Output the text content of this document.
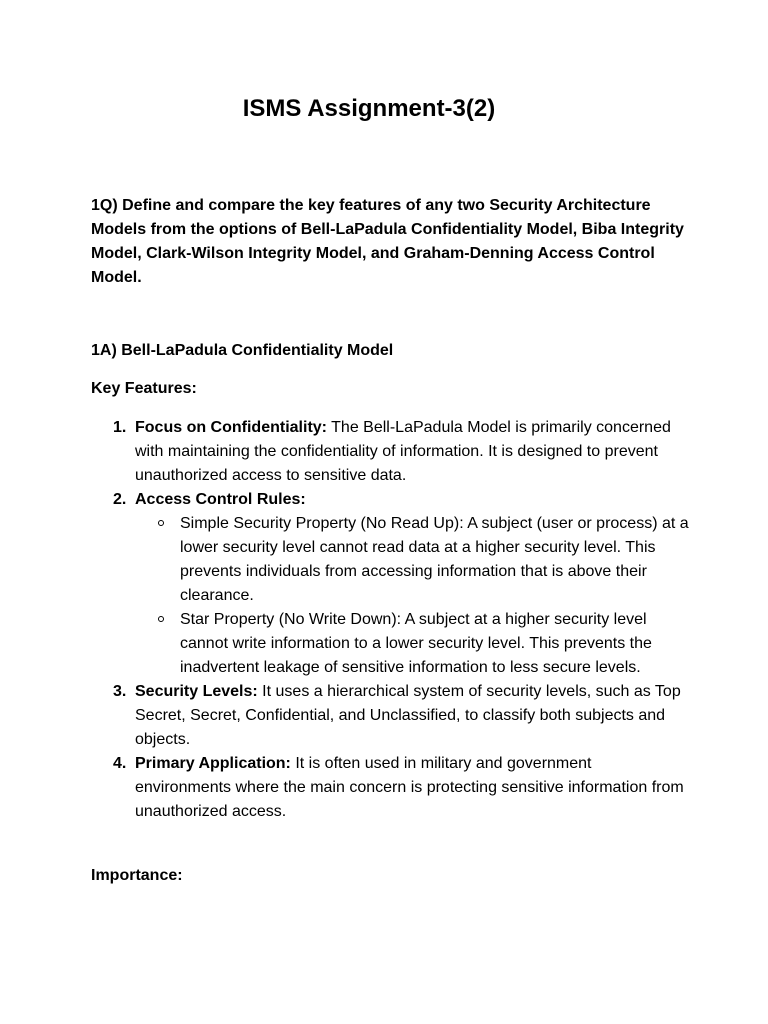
ISMS Assignment-3(2)

1Q) Define and compare the key features of any two Security Architecture Models from the options of Bell-LaPadula Confidentiality Model, Biba Integrity Model, Clark-Wilson Integrity Model, and Graham-Denning Access Control Model.

1A) Bell-LaPadula Confidentiality Model

Key Features:

1. Focus on Confidentiality: The Bell-LaPadula Model is primarily concerned with maintaining the confidentiality of information. It is designed to prevent unauthorized access to sensitive data.
2. Access Control Rules:
Simple Security Property (No Read Up): A subject (user or process) at a lower security level cannot read data at a higher security level. This prevents individuals from accessing information that is above their clearance.
Star Property (No Write Down): A subject at a higher security level cannot write information to a lower security level. This prevents the inadvertent leakage of sensitive information to less secure levels.
3. Security Levels: It uses a hierarchical system of security levels, such as Top Secret, Secret, Confidential, and Unclassified, to classify both subjects and objects.
4. Primary Application: It is often used in military and government environments where the main concern is protecting sensitive information from unauthorized access.

Importance:
